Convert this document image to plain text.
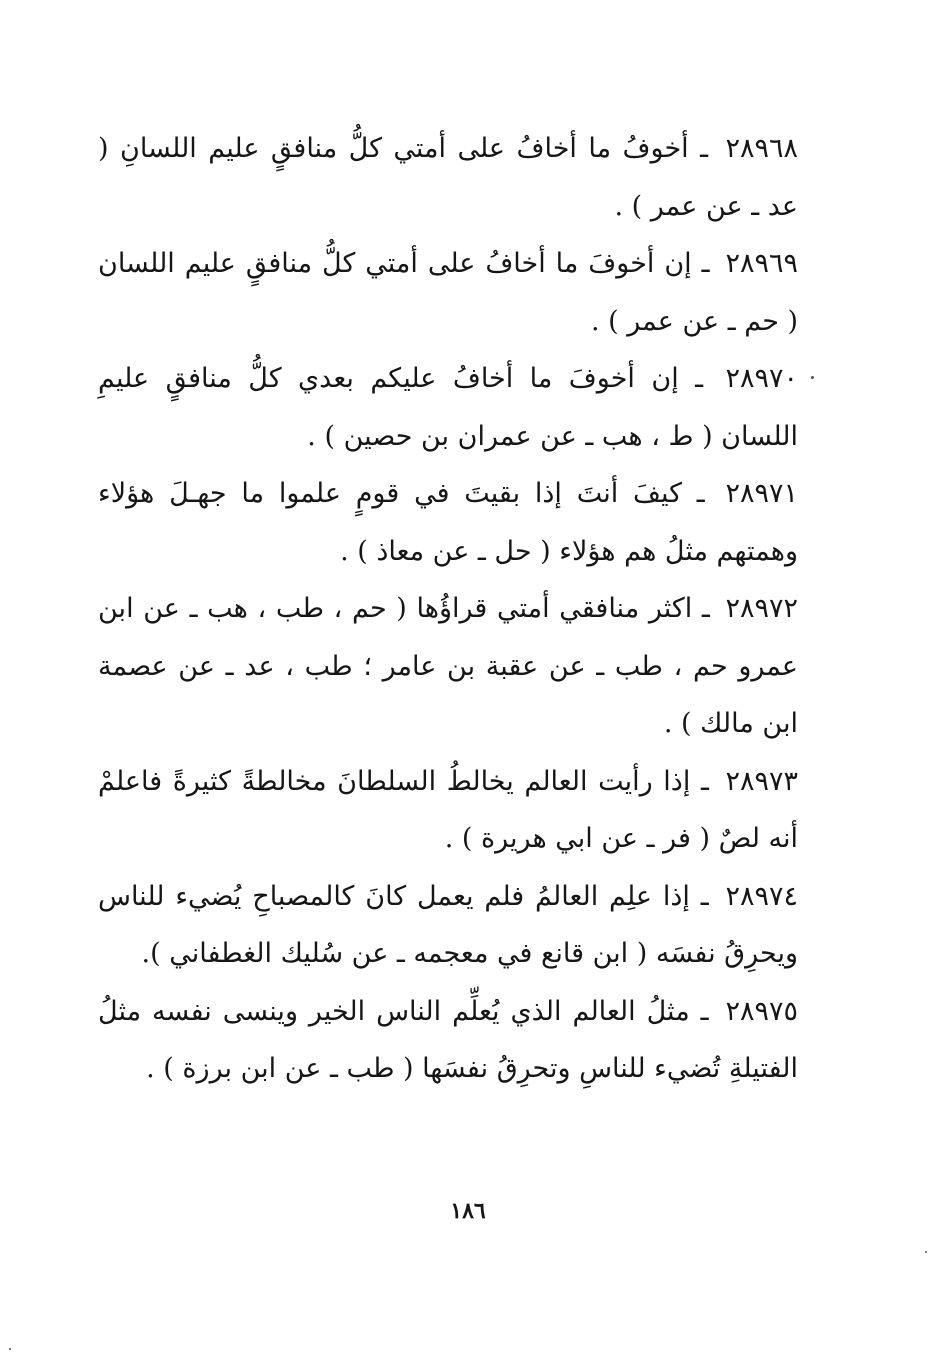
٢٨٩٦٨ ـ أخوفُ ما أخافُ على أمتي كلُّ منافقٍ عليم اللسانِ ( عد ـ عن عمر ) .

٢٨٩٦٩ ـ إن أخوفَ ما أخافُ على أمتي كلُّ منافقٍ عليم اللسان ( حم ـ عن عمر ) .

٢٨٩٧٠ ـ إن أخوفَ ما أخافُ عليكم بعدي كلُّ منافقٍ عليمِ اللسان ( ط ، هب ـ عن عمران بن حصين ) .

٢٨٩٧١ ـ كيفَ أنتَ إذا بقيتَ في قومٍ علموا ما جهـلَ هؤلاء وهمتهم مثلُ هم هؤلاء ( حل ـ عن معاذ ) .

٢٨٩٧٢ ـ اكثر منافقي أمتي قراؤُها ( حم ، طب ، هب ـ عن ابن عمرو حم ، طب ـ عن عقبة بن عامر ؛ طب ، عد ـ عن عصمة ابن مالك ) .

٢٨٩٧٣ ـ إذا رأيت العالم يخالطُ السلطانَ مخالطةً كثيرةً فاعلمْ أنه لصٌ ( فر ـ عن ابي هريرة ) .

٢٨٩٧٤ ـ إذا علِم العالمُ فلم يعمل كانَ كالمصباحِ يُضيء للناس ويحرِقُ نفسَه ( ابن قانع في معجمه ـ عن سُليك الغطفاني ).

٢٨٩٧٥ ـ مثلُ العالم الذي يُعلِّم الناس الخير وينسى نفسه مثلُ الفتيلةِ تُضيء للناسِ وتحرِقُ نفسَها ( طب ـ عن ابن برزة ) .

١٨٦
